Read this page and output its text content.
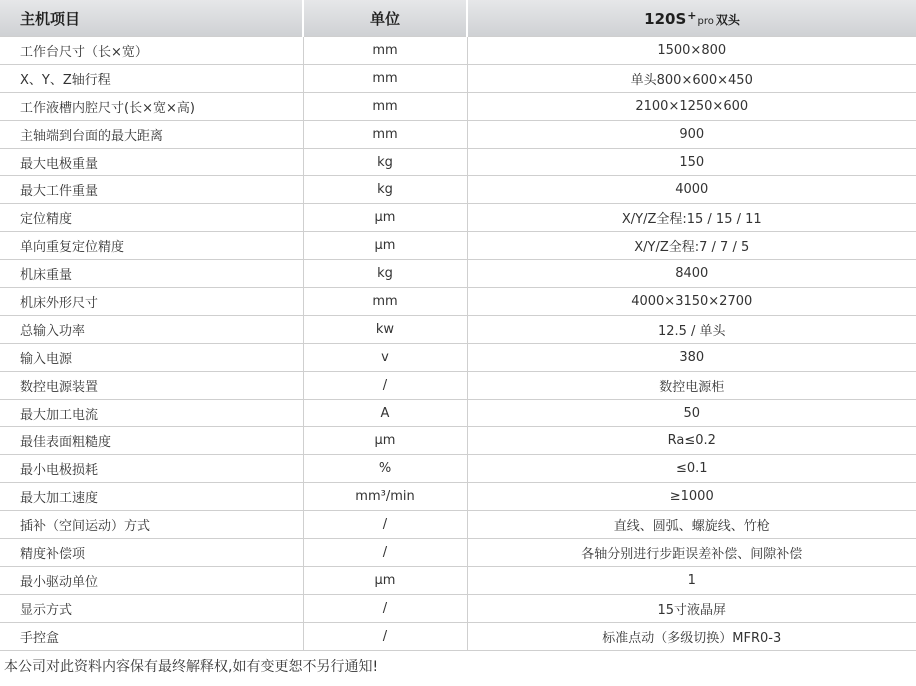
主机项目	单位	120S+pro 双头
工作台尺寸（长×宽）	mm	1500×800
X、Y、Z轴行程	mm	单头800×600×450
工作液槽内腔尺寸(长×宽×高)	mm	2100×1250×600
主轴端到台面的最大距离	mm	900
最大电极重量	kg	150
最大工件重量	kg	4000
定位精度	μm	X/Y/Z全程:15 / 15 / 11
单向重复定位精度	μm	X/Y/Z全程:7 / 7 / 5
机床重量	kg	8400
机床外形尺寸	mm	4000×3150×2700
总输入功率	kw	12.5 / 单头
输入电源	v	380
数控电源装置	/	数控电源柜
最大加工电流	A	50
最佳表面粗糙度	μm	Ra≤0.2
最小电极损耗	%	≤0.1
最大加工速度	mm³/min	≥1000
插补（空间运动）方式	/	直线、圆弧、螺旋线、竹枪
精度补偿项	/	各轴分别进行步距误差补偿、间隙补偿
最小驱动单位	μm	1
显示方式	/	15寸液晶屏
手控盒	/	标准点动（多级切换）MFR0-3
本公司对此资料内容保有最终解释权,如有变更恕不另行通知!
